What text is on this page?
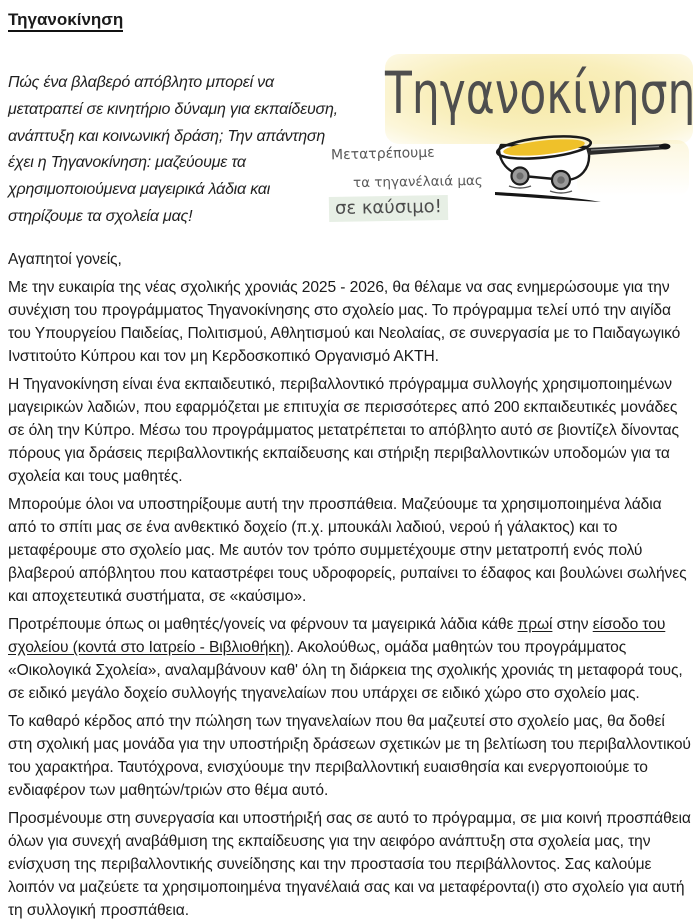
Τηγανοκίνηση

Πώς ένα βλαβερό απόβλητο μπορεί να μετατραπεί σε κινητήριο δύναμη για εκπαίδευση, ανάπτυξη και κοινωνική δράση; Την απάντηση έχει η Τηγανοκίνηση: μαζεύουμε τα χρησιμοποιούμενα μαγειρικά λάδια και στηρίζουμε τα σχολεία μας!

Τηγανοκίνηση
Μετατρέπουμε
τα τηγανέλαιά μας
σε καύσιμο!

Αγαπητοί γονείς,

Με την ευκαιρία της νέας σχολικής χρονιάς 2025 - 2026, θα θέλαμε να σας ενημερώσουμε για την συνέχιση του προγράμματος Τηγανοκίνησης στο σχολείο μας. Το πρόγραμμα τελεί υπό την αιγίδα του Υπουργείου Παιδείας, Πολιτισμού, Αθλητισμού και Νεολαίας, σε συνεργασία με το Παιδαγωγικό Ινστιτούτο Κύπρου και τον μη Κερδοσκοπικό Οργανισμό ΑΚΤΗ.

Η Τηγανοκίνηση είναι ένα εκπαιδευτικό, περιβαλλοντικό πρόγραμμα συλλογής χρησιμοποιημένων μαγειρικών λαδιών, που εφαρμόζεται με επιτυχία σε περισσότερες από 200 εκπαιδευτικές μονάδες σε όλη την Κύπρο. Μέσω του προγράμματος μετατρέπεται το απόβλητο αυτό σε βιοντίζελ δίνοντας πόρους για δράσεις περιβαλλοντικής εκπαίδευσης και στήριξη περιβαλλοντικών υποδομών για τα σχολεία και τους μαθητές.

Μπορούμε όλοι να υποστηρίξουμε αυτή την προσπάθεια. Μαζεύουμε τα χρησιμοποιημένα λάδια από το σπίτι μας σε ένα ανθεκτικό δοχείο (π.χ. μπουκάλι λαδιού, νερού ή γάλακτος) και το μεταφέρουμε στο σχολείο μας. Με αυτόν τον τρόπο συμμετέχουμε στην μετατροπή ενός πολύ βλαβερού απόβλητου που καταστρέφει τους υδροφορείς, ρυπαίνει το έδαφος και βουλώνει σωλήνες και αποχετευτικά συστήματα, σε «καύσιμο».

Προτρέπουμε όπως οι μαθητές/γονείς να φέρνουν τα μαγειρικά λάδια κάθε πρωί στην είσοδο του σχολείου (κοντά στο Ιατρείο - Βιβλιοθήκη). Ακολούθως, ομάδα μαθητών του προγράμματος «Οικολογικά Σχολεία», αναλαμβάνουν καθ' όλη τη διάρκεια της σχολικής χρονιάς τη μεταφορά τους, σε ειδικό μεγάλο δοχείο συλλογής τηγανελαίων που υπάρχει σε ειδικό χώρο στο σχολείο μας.

Το καθαρό κέρδος από την πώληση των τηγανελαίων που θα μαζευτεί στο σχολείο μας, θα δοθεί στη σχολική μας μονάδα για την υποστήριξη δράσεων σχετικών με τη βελτίωση του περιβαλλοντικού του χαρακτήρα. Ταυτόχρονα, ενισχύουμε την περιβαλλοντική ευαισθησία και ενεργοποιούμε το ενδιαφέρον των μαθητών/τριών στο θέμα αυτό.

Προσμένουμε στη συνεργασία και υποστήριξή σας σε αυτό το πρόγραμμα, σε μια κοινή προσπάθεια όλων για συνεχή αναβάθμιση της εκπαίδευσης για την αειφόρο ανάπτυξη στα σχολεία μας, την ενίσχυση της περιβαλλοντικής συνείδησης και την προστασία του περιβάλλοντος. Σας καλούμε λοιπόν να μαζεύετε τα χρησιμοποιημένα τηγανέλαιά σας και να μεταφέροντα(ι) στο σχολείο για αυτή τη συλλογική προσπάθεια.
